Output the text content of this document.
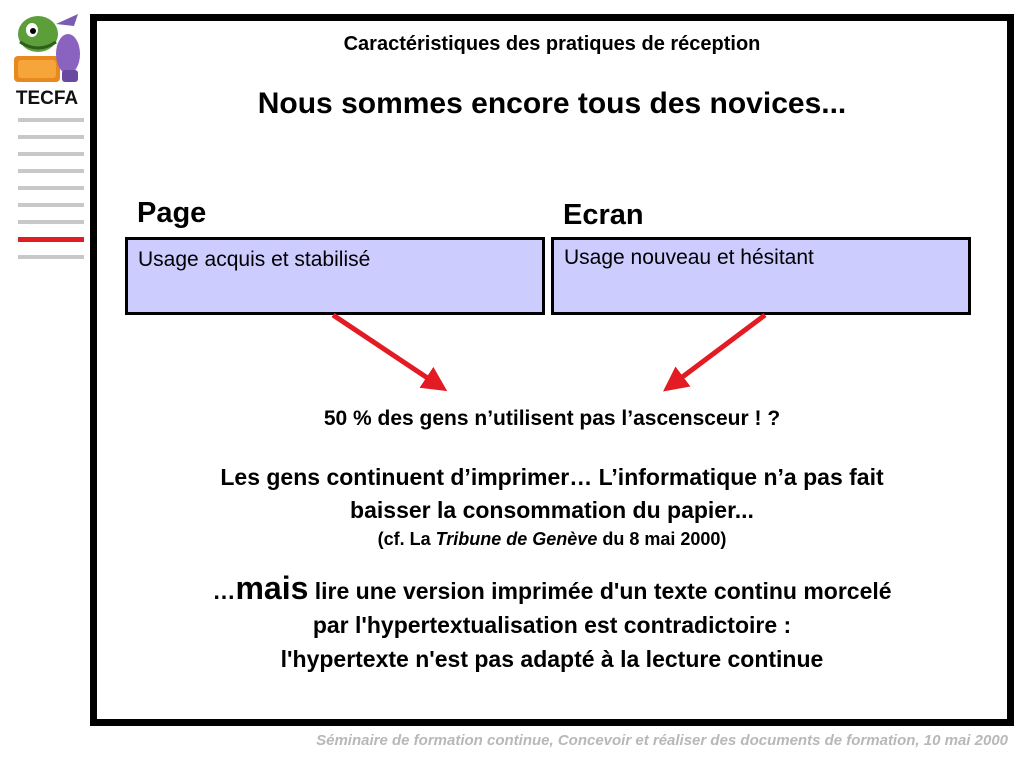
TECFA
Caractéristiques des pratiques de réception
Nous sommes encore tous des novices...
Page	Ecran
Usage acquis et stabilisé	Usage nouveau et hésitant
50 % des gens n’utilisent pas l’ascensceur ! ?
Les gens continuent d’imprimer… L’informatique n’a pas fait
baisser la consommation du papier...
(cf. La Tribune de Genève du 8 mai 2000)
…mais lire une version imprimée d'un texte continu morcelé
par l'hypertextualisation est contradictoire :
l'hypertexte n'est pas adapté à la lecture continue
Séminaire de formation continue, Concevoir et réaliser des documents de formation, 10 mai 2000
